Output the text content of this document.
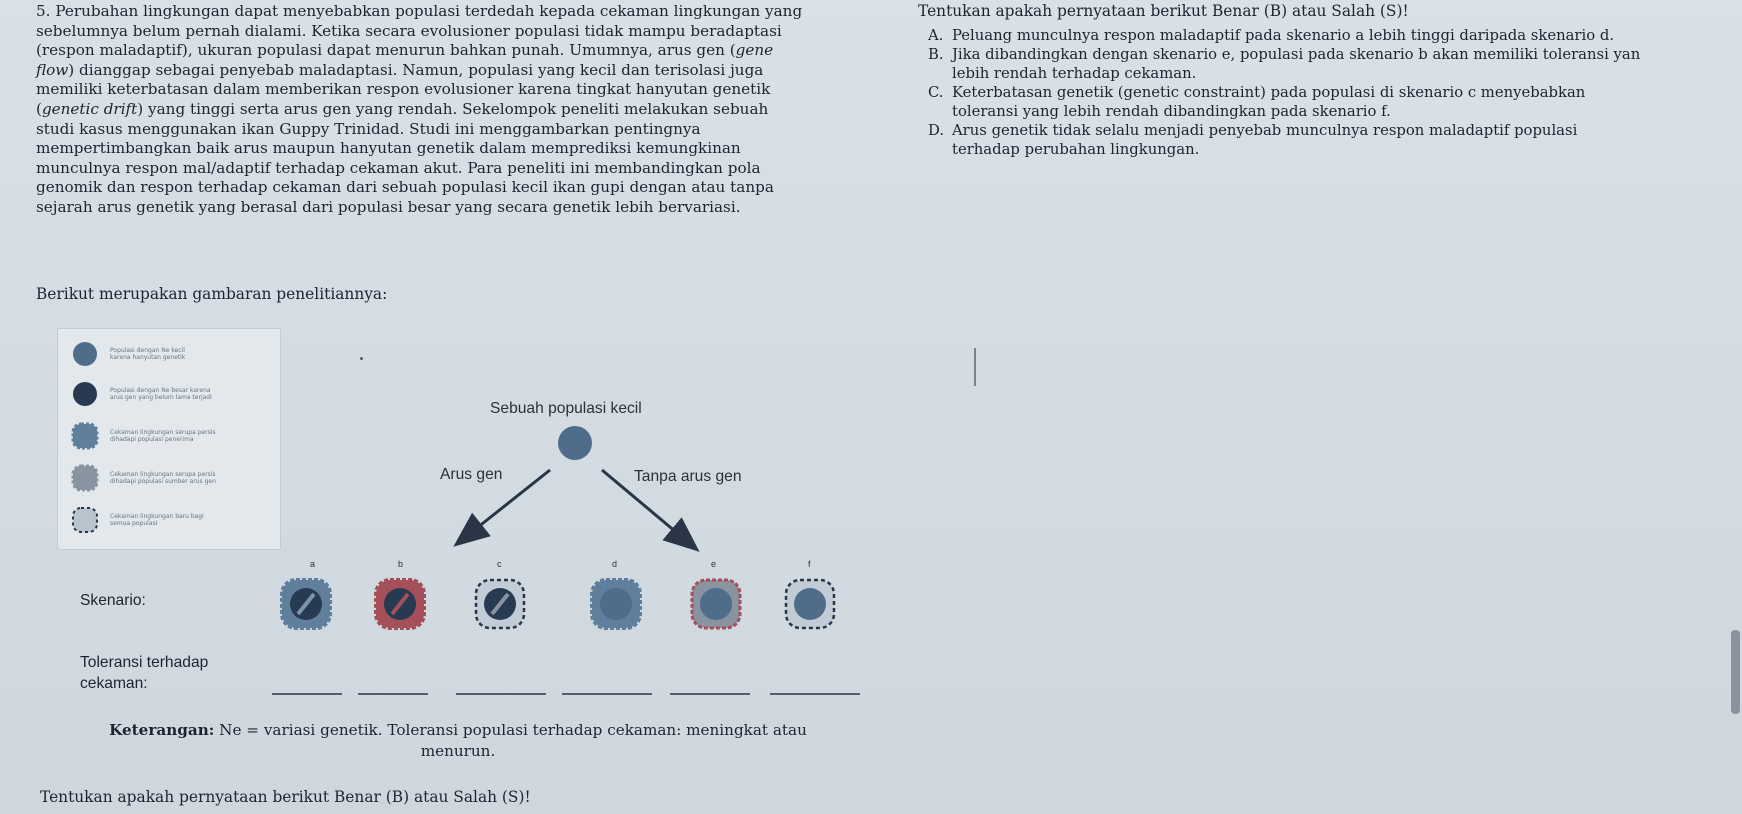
5. Perubahan lingkungan dapat menyebabkan populasi terdedah kepada cekaman lingkungan yang
sebelumnya belum pernah dialami. Ketika secara evolusioner populasi tidak mampu beradaptasi
(respon maladaptif), ukuran populasi dapat menurun bahkan punah. Umumnya, arus gen (gene
flow) dianggap sebagai penyebab maladaptasi. Namun, populasi yang kecil dan terisolasi juga
memiliki keterbatasan dalam memberikan respon evolusioner karena tingkat hanyutan genetik
(genetic drift) yang tinggi serta arus gen yang rendah. Sekelompok peneliti melakukan sebuah
studi kasus menggunakan ikan Guppy Trinidad. Studi ini menggambarkan pentingnya
mempertimbangkan baik arus maupun hanyutan genetik dalam memprediksi kemungkinan
munculnya respon mal/adaptif terhadap cekaman akut. Para peneliti ini membandingkan pola
genomik dan respon terhadap cekaman dari sebuah populasi kecil ikan gupi dengan atau tanpa
sejarah arus genetik yang berasal dari populasi besar yang secara genetik lebih bervariasi.

Berikut merupakan gambaran penelitiannya:

Tentukan apakah pernyataan berikut Benar (B) atau Salah (S)!

A. Peluang munculnya respon maladaptif pada skenario a lebih tinggi daripada skenario d.
B. Jika dibandingkan dengan skenario e, populasi pada skenario b akan memiliki toleransi yan
lebih rendah terhadap cekaman.
C. Keterbatasan genetik (genetic constraint) pada populasi di skenario c menyebabkan
toleransi yang lebih rendah dibandingkan pada skenario f.
D. Arus genetik tidak selalu menjadi penyebab munculnya respon maladaptif populasi
terhadap perubahan lingkungan.
Populasi dengan Ne kecil
karena hanyutan genetik
Populasi dengan Ne besar karena
arus gen yang belum lama terjadi
Cekaman lingkungan serupa persis
dihadapi populasi penerima
Cekaman lingkungan serupa persis
dihadapi populasi sumber arus gen
Cekaman lingkungan baru bagi
semua populasi
Sebuah populasi kecil
Arus gen	Tanpa arus gen
a	b	c	d	e	f

Skenario:

Toleransi terhadap
cekaman:
Keterangan: Ne = variasi genetik. Toleransi populasi terhadap cekaman: meningkat atau
menurun.

Tentukan apakah pernyataan berikut Benar (B) atau Salah (S)!
